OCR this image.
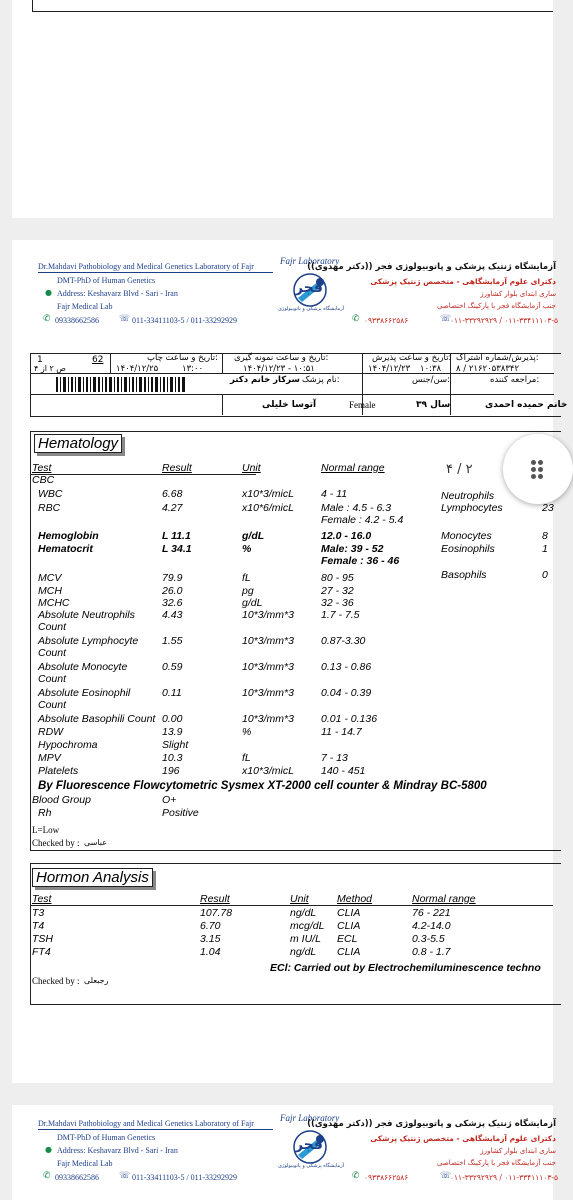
Dr.Mahdavi Pathobiology and Medical Genetics Laboratory of Fajr
DMT-PhD of Human Genetics
● Address: Keshavarz Blvd - Sari - Iran
Fajr Medical Lab
✆ 09338662586 ☏ 011-33411103-5 / 011-33292929
Fajr Laboratory
فجر
آزمایشگاه پزشکی و پاتوبیولوژی
آزمایشگاه ژنتیک پزشکی و پاتوبیولوژی فجر ((دکتر مهدوی))
دکترای علوم آزمایشگاهی - متخصص ژنتیک پزشکی
ساری ابتدای بلوار کشاورز
جنب آزمایشگاه فجر با پارکینگ اختصاصی
✆ ۰۹۳۳۸۶۶۲۵۸۶	☏
۰۱۱-۳۳۴۱۱۱۰۳-۵ / ۰۱۱-۳۳۲۹۲۹۲۹
1	62
ص ۲ از ۴
تاریخ و ساعت چاپ:
۱۴۰۴/۱۲/۲۵	۱۳:۰۰
تاریخ و ساعت نمونه گیری:
۱۴۰۴/۱۲/۲۳ - ۱۰:۵۱
تاریخ و ساعت پذیرش:
۱۴۰۴/۱۲/۲۳ ۱۰:۳۸
پذیرش/شماره اشتراک:
۸ / ۲۱۶۲۰۵۳۸۳۴۲
نام پزشک:
سرکار خانم دکتر
آتوسا خلیلی	Female
سن/جنس:
۳۹ سال
مراجعه کننده:
خانم حمیده احمدی
Hematology
Test	Result	Unit	Normal range
CBC
WBC	6.68	x10*3/micL	4 - 11
RBC	4.27	x10*6/micL	Male : 4.5 - 6.3
Female : 4.2 - 5.4
Hemoglobin	L 11.1	g/dL	12.0 - 16.0
Hematocrit	L 34.1	%	Male: 39 - 52
Female : 36 - 46
MCV	79.9	fL	80 - 95
MCH	26.0	pg	27 - 32
MCHC	32.6	g/dL	32 - 36
Absolute Neutrophils
Count
4.43	10*3/mm*3	1.7 - 7.5
Absolute Lymphocyte
Count
1.55	10*3/mm*3	0.87-3.30
Absolute Monocyte
Count
0.59	10*3/mm*3	0.13 - 0.86
Absolute Eosinophil
Count
0.11	10*3/mm*3	0.04 - 0.39
Absolute Basophili Count 0.00	10*3/mm*3	0.01 - 0.136
RDW	13.9	%	11 - 14.7
Hypochroma	Slight
MPV	10.3	fL	7 - 13
Platelets	196	x10*3/micL	140 - 451
Neutrophils
Lymphocytes	23
Monocytes	8
Eosinophils	1
Basophils	0
By Fluorescence Flowcytometric Sysmex XT-2000 cell counter & Mindray BC-5800
Blood Group	O+
Rh	Positive
L=Low
Checked by : عباسی
Hormon Analysis
Test	Result	Unit	Method	Normal range
T3	107.78	ng/dL CLIA	76 - 221
T4	6.70	mcg/dL CLIA	4.2-14.0
TSH	3.15	m IU/L ECL	0.3-5.5
FT4	1.04	ng/dL CLIA	0.8 - 1.7
ECl: Carried out by Electrochemiluminescence techno
Checked by : رجبعلی
۴ / ۲
Dr.Mahdavi Pathobiology and Medical Genetics Laboratory of Fajr
DMT-PhD of Human Genetics
● Address: Keshavarz Blvd - Sari - Iran
Fajr Medical Lab
✆ 09338662586 ☏ 011-33411103-5 / 011-33292929
Fajr Laboratory
فجر
آزمایشگاه پزشکی و پاتوبیولوژی
آزمایشگاه ژنتیک پزشکی و پاتوبیولوژی فجر ((دکتر مهدوی))
دکترای علوم آزمایشگاهی - متخصص ژنتیک پزشکی
ساری ابتدای بلوار کشاورز
جنب آزمایشگاه فجر با پارکینگ اختصاصی
✆ ۰۹۳۳۸۶۶۲۵۸۶	☏
۰۱۱-۳۳۴۱۱۱۰۳-۵ / ۰۱۱-۳۳۲۹۲۹۲۹
